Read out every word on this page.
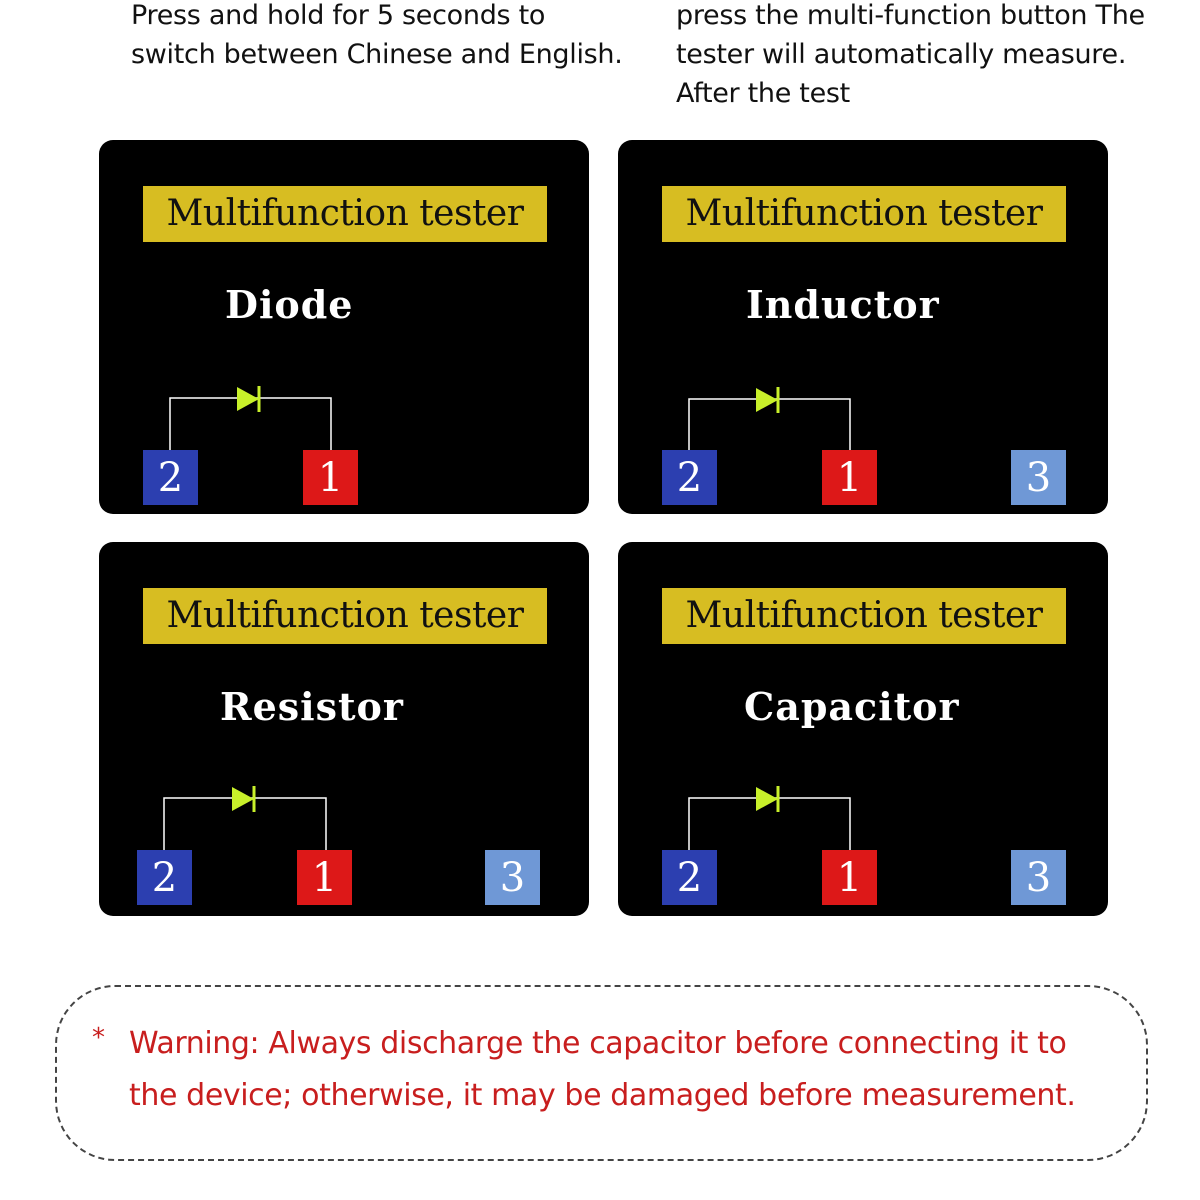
Press and hold for 5 seconds to
switch between Chinese and English.

press the multi-function button The
tester will automatically measure.
After the test

Multifunction tester
Diode
2	1
Multifunction tester
Inductor
2	1	3
Multifunction tester
Resistor
2	1	3
Multifunction tester
Capacitor
2	1	3
* Warning: Always discharge the capacitor before connecting it to
the device; otherwise, it may be damaged before measurement.
